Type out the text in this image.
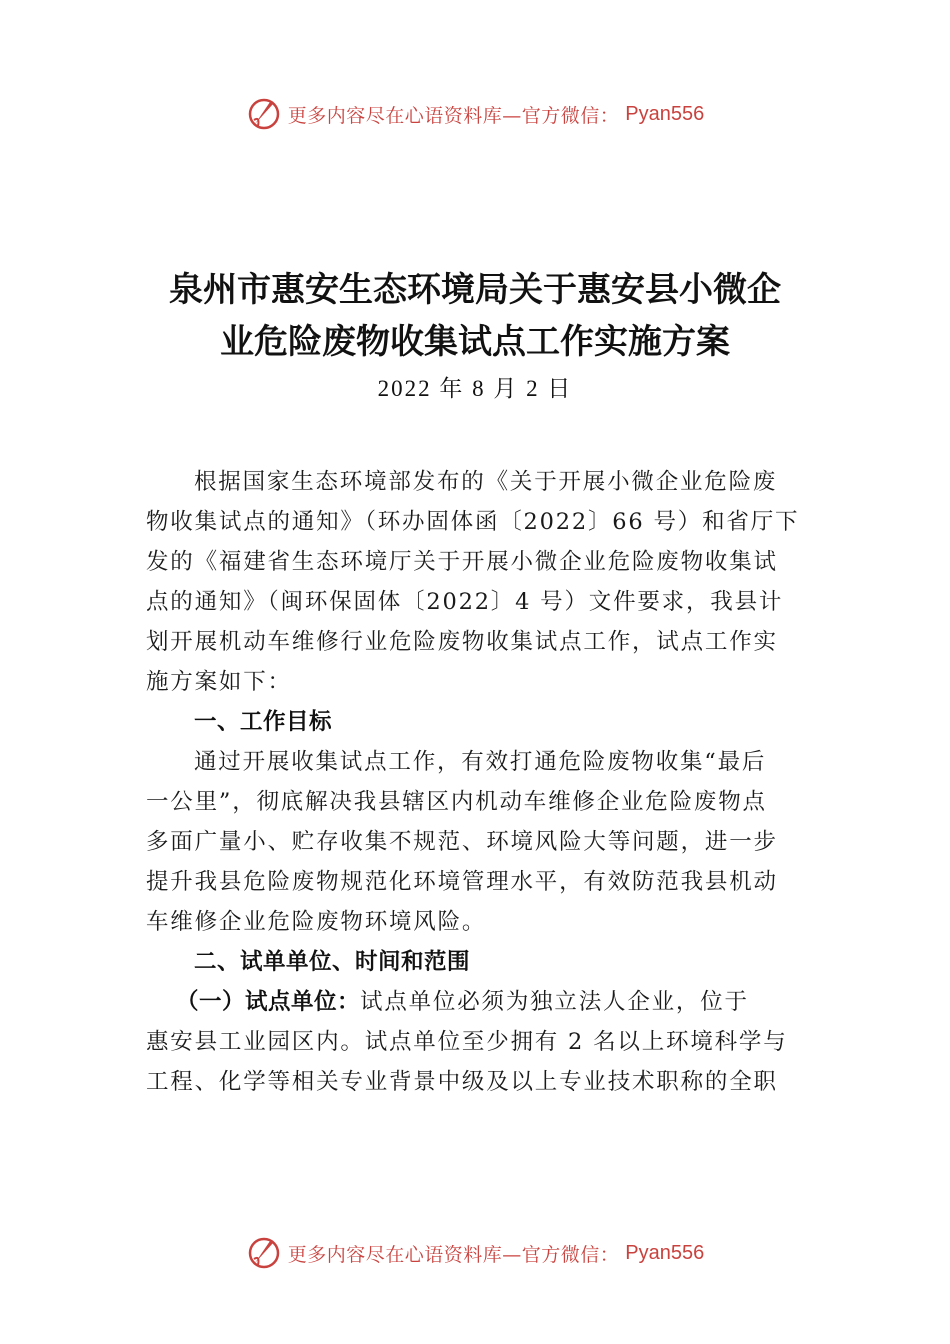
更多内容尽在心语资料库—官方微信： Pyan556
泉州市惠安生态环境局关于惠安县小微企
业危险废物收集试点工作实施方案
2022 年 8 月 2 日
根据国家生态环境部发布的《关于开展小微企业危险废
物收集试点的通知》（环办固体函〔2022〕66 号）和省厅下
发的《福建省生态环境厅关于开展小微企业危险废物收集试
点的通知》（闽环保固体〔2022〕4 号）文件要求，我县计
划开展机动车维修行业危险废物收集试点工作，试点工作实
施方案如下：
一、工作目标
通过开展收集试点工作，有效打通危险废物收集“最后
一公里”，彻底解决我县辖区内机动车维修企业危险废物点
多面广量小、贮存收集不规范、环境风险大等问题，进一步
提升我县危险废物规范化环境管理水平，有效防范我县机动
车维修企业危险废物环境风险。
二、试单单位、时间和范围
（一）试点单位：试点单位必须为独立法人企业，位于
惠安县工业园区内。试点单位至少拥有 2 名以上环境科学与
工程、化学等相关专业背景中级及以上专业技术职称的全职
更多内容尽在心语资料库—官方微信： Pyan556
